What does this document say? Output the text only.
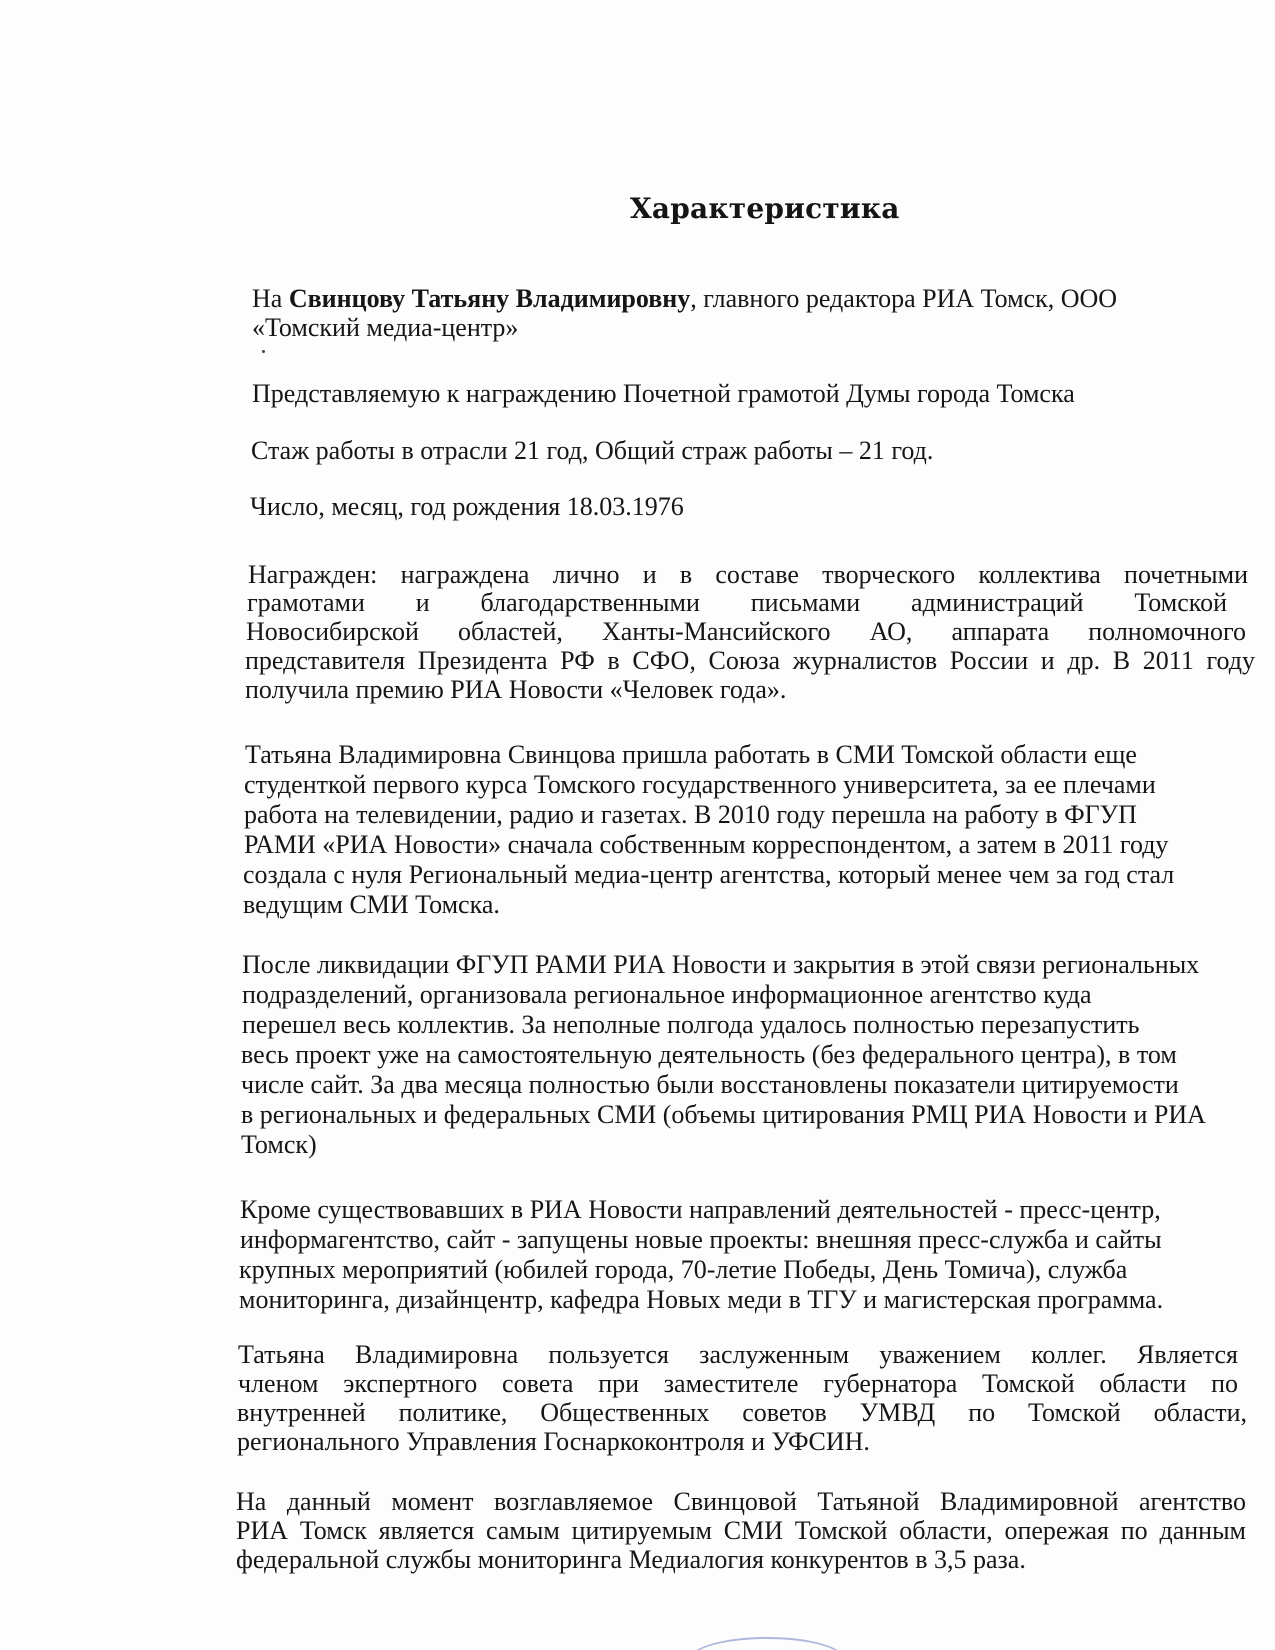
Характеристика
На Свинцову Татьяну Владимировну, главного редактора РИА Томск, ООО
«Томский медиа-центр»
Представляемую к награждению Почетной грамотой Думы города Томска
Стаж работы в отрасли 21 год, Общий страж работы – 21 год.
Число, месяц, год рождения 18.03.1976
Награжден: награждена лично и в составе творческого коллектива почетными
грамотами и благодарственными письмами администраций Томской
Новосибирской областей, Ханты-Мансийского АО, аппарата полномочного
представителя Президента РФ в СФО, Союза журналистов России и др. В 2011 году
получила премию РИА Новости «Человек года».
Татьяна Владимировна Свинцова пришла работать в СМИ Томской области еще
студенткой первого курса Томского государственного университета, за ее плечами
работа на телевидении, радио и газетах. В 2010 году перешла на работу в ФГУП
РАМИ «РИА Новости» сначала собственным корреспондентом, а затем в 2011 году
создала с нуля Региональный медиа-центр агентства, который менее чем за год стал
ведущим СМИ Томска.
После ликвидации ФГУП РАМИ РИА Новости и закрытия в этой связи региональных
подразделений, организовала региональное информационное агентство куда
перешел весь коллектив. За неполные полгода удалось полностью перезапустить
весь проект уже на самостоятельную деятельность (без федерального центра), в том
числе сайт. За два месяца полностью были восстановлены показатели цитируемости
в региональных и федеральных СМИ (объемы цитирования РМЦ РИА Новости и РИА
Томск)
Кроме существовавших в РИА Новости направлений деятельностей - пресс-центр,
информагентство, сайт - запущены новые проекты: внешняя пресс-служба и сайты
крупных мероприятий (юбилей города, 70-летие Победы, День Томича), служба
мониторинга, дизайнцентр, кафедра Новых меди в ТГУ и магистерская программа.
Татьяна Владимировна пользуется заслуженным уважением коллег. Является
членом экспертного совета при заместителе губернатора Томской области по
внутренней политике, Общественных советов УМВД по Томской области,
регионального Управления Госнаркоконтроля и УФСИН.
На данный момент возглавляемое Свинцовой Татьяной Владимировной агентство
РИА Томск является самым цитируемым СМИ Томской области, опережая по данным
федеральной службы мониторинга Медиалогия конкурентов в 3,5 раза.
